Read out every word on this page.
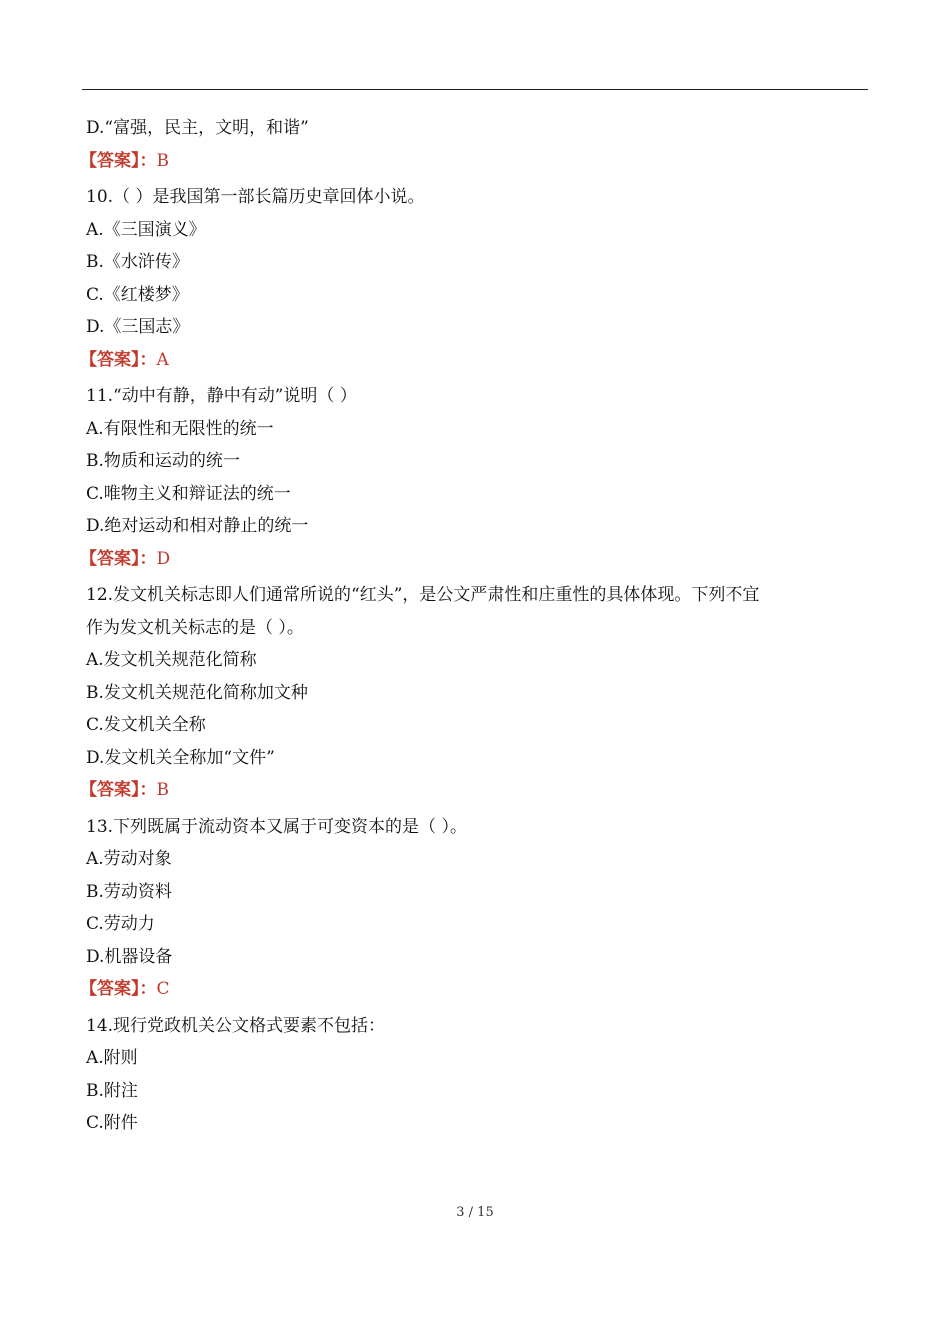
D.“富强，民主，文明，和谐”
【答案】：B
10.（ ）是我国第一部长篇历史章回体小说。
A.《三国演义》
B.《水浒传》
C.《红楼梦》
D.《三国志》
【答案】：A
11.“动中有静，静中有动”说明（ ）
A.有限性和无限性的统一
B.物质和运动的统一
C.唯物主义和辩证法的统一
D.绝对运动和相对静止的统一
【答案】：D
12.发文机关标志即人们通常所说的“红头”，是公文严肃性和庄重性的具体体现。下列不宜
作为发文机关标志的是（ ）。
A.发文机关规范化简称
B.发文机关规范化简称加文种
C.发文机关全称
D.发文机关全称加“文件”
【答案】：B
13.下列既属于流动资本又属于可变资本的是（ ）。
A.劳动对象
B.劳动资料
C.劳动力
D.机器设备
【答案】：C
14.现行党政机关公文格式要素不包括：
A.附则
B.附注
C.附件
3 / 15
